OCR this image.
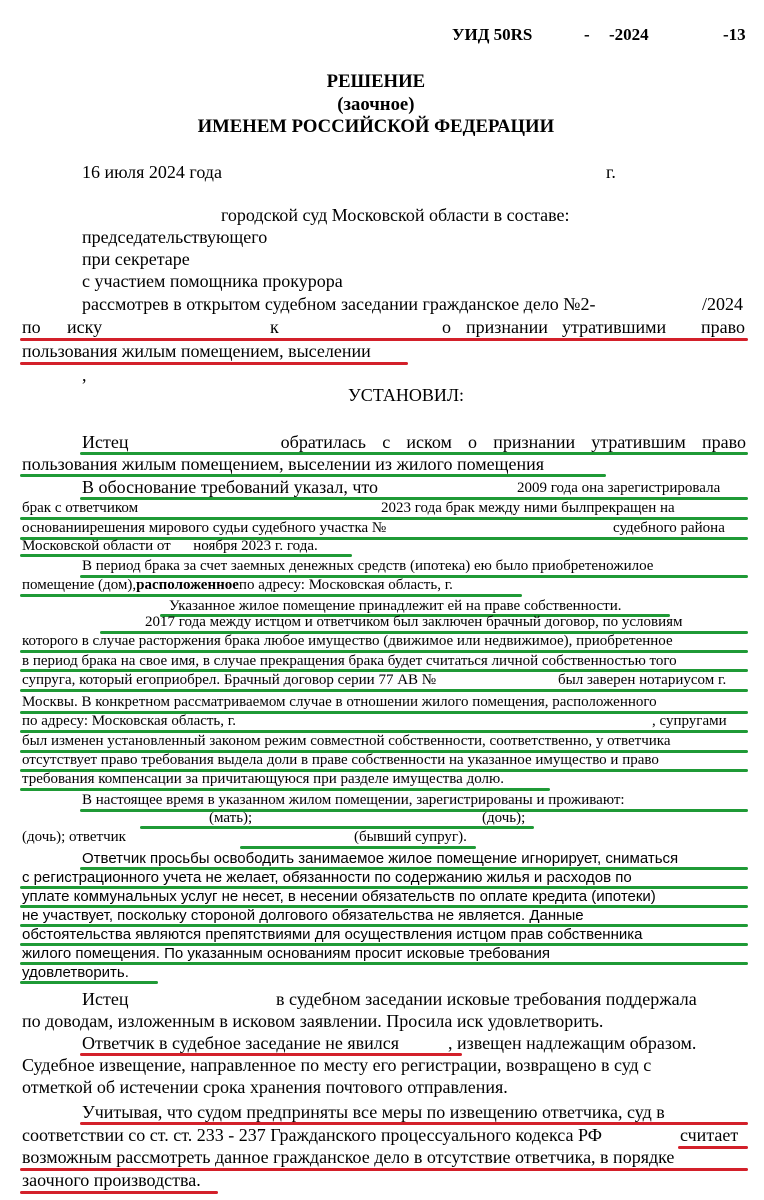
УИД 50RS	- -2024	-13
РЕШЕНИЕ
(заочное)
ИМЕНЕМ РОССИЙСКОЙ ФЕДЕРАЦИИ
16 июля 2024 года	г.
городской суд Московской области в составе:
председательствующего
при секретаре
с участием помощника прокурора
рассмотрев в открытом судебном заседании гражданское дело №2-	/2024
по иску	к	о признании утратившими право
пользования жилым помещением, выселении
,
УСТАНОВИЛ:
Истец	обратилась с иском о признании утратившим право
пользования жилым помещением, выселении из жилого помещения
В обоснование требований указал, что	2009 года она зарегистрировала
брак с ответчиком	2023 года брак между ними былпрекращен на
основаниирешения мирового судьи судебного участка №	судебного района
Московской области от      ноября 2023 г. года.
В период брака за счет заемных денежных средств (ипотека) ею было приобретеножилое
помещение (дом),расположенноепо адресу: Московская область, г.
Указанное жилое помещение принадлежит ей на праве собственности.
2017 года между истцом и ответчиком был заключен брачный договор, по условиям
которого в случае расторжения брака любое имущество (движимое или недвижимое), приобретенное
в период брака на свое имя, в случае прекращения брака будет считаться личной собственностью того
супруга, который егоприобрел. Брачный договор серии 77 АВ №	был заверен нотариусом г.
Москвы. В конкретном рассматриваемом случае в отношении жилого помещения, расположенного
по адресу: Московская область, г.	, супругами
был изменен установленный законом режим совместной собственности, соответственно, у ответчика
отсутствует право требования выдела доли в праве собственности на указанное имущество и право
требования компенсации за причитающуюся при разделе имущества долю.
В настоящее время в указанном жилом помещении, зарегистрированы и проживают:
(мать);	(дочь);
(дочь); ответчик	(бывший супруг).
Ответчик просьбы освободить занимаемое жилое помещение игнорирует, сниматься
с регистрационного учета не желает, обязанности по содержанию жилья и расходов по
уплате коммунальных услуг не несет, в несении обязательств по оплате кредита (ипотеки)
не участвует, поскольку стороной долгового обязательства не является. Данные
обстоятельства являются препятствиями для осуществления истцом прав собственника
жилого помещения. По указанным основаниям просит исковые требования
удовлетворить.
Истец	в судебном заседании исковые требования поддержала
по доводам, изложенным в исковом заявлении. Просила иск удовлетворить.
Ответчик в судебное заседание не явился	, извещен надлежащим образом.
Судебное извещение, направленное по месту его регистрации, возвращено в суд с
отметкой об истечении срока хранения почтового отправления.
Учитывая, что судом предприняты все меры по извещению ответчика, суд в
соответствии со ст. ст. 233 - 237 Гражданского процессуального кодекса РФ	считает
возможным рассмотреть данное гражданское дело в отсутствие ответчика, в порядке
заочного производства.
